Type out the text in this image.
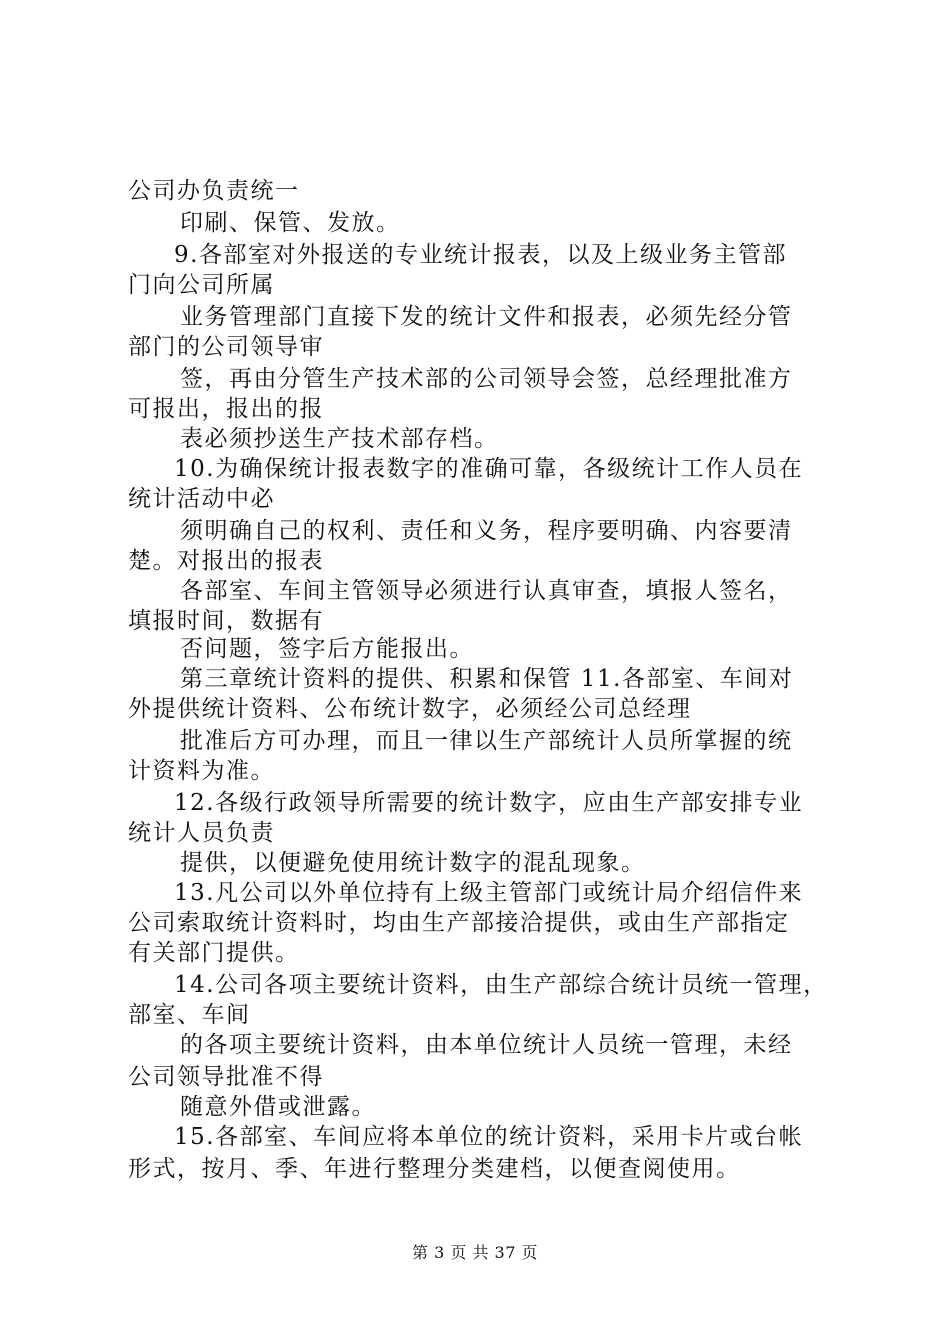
公司办负责统一
印刷、保管、发放。
9.各部室对外报送的专业统计报表，以及上级业务主管部
门向公司所属
业务管理部门直接下发的统计文件和报表，必须先经分管
部门的公司领导审
签，再由分管生产技术部的公司领导会签，总经理批准方
可报出，报出的报
表必须抄送生产技术部存档。
10.为确保统计报表数字的准确可靠，各级统计工作人员在
统计活动中必
须明确自己的权利、责任和义务，程序要明确、内容要清
楚。对报出的报表
各部室、车间主管领导必须进行认真审查，填报人签名，
填报时间，数据有
否问题，签字后方能报出。
第三章统计资料的提供、积累和保管 11.各部室、车间对
外提供统计资料、公布统计数字，必须经公司总经理
批准后方可办理，而且一律以生产部统计人员所掌握的统
计资料为准。
12.各级行政领导所需要的统计数字，应由生产部安排专业
统计人员负责
提供，以便避免使用统计数字的混乱现象。
13.凡公司以外单位持有上级主管部门或统计局介绍信件来
公司索取统计资料时，均由生产部接洽提供，或由生产部指定
有关部门提供。
14.公司各项主要统计资料，由生产部综合统计员统一管理，
部室、车间
的各项主要统计资料，由本单位统计人员统一管理，未经
公司领导批准不得
随意外借或泄露。
15.各部室、车间应将本单位的统计资料，采用卡片或台帐
形式，按月、季、年进行整理分类建档，以便查阅使用。
第 3 页 共 37 页
